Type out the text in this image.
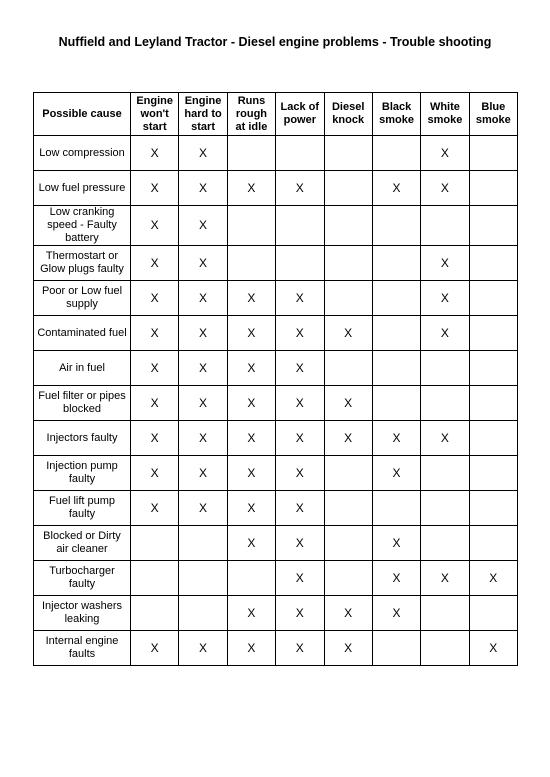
Nuffield and Leyland Tractor - Diesel engine problems - Trouble shooting
Possible cause	Engine won't start	Engine hard to start	Runs rough at idle	Lack of power	Diesel knock	Black smoke	White smoke	Blue smoke
Low compression	X	X					X	
Low fuel pressure	X	X	X	X		X	X	
Low cranking speed - Faulty battery	X	X						
Thermostart or Glow plugs faulty	X	X					X	
Poor or Low fuel supply	X	X	X	X			X	
Contaminated fuel	X	X	X	X	X		X	
Air in fuel	X	X	X	X				
Fuel filter or pipes blocked	X	X	X	X	X			
Injectors faulty	X	X	X	X	X	X	X	
Injection pump faulty	X	X	X	X		X		
Fuel lift pump faulty	X	X	X	X				
Blocked or Dirty air cleaner			X	X		X		
Turbocharger faulty				X		X	X	X
Injector washers leaking			X	X	X	X		
Internal engine faults	X	X	X	X	X			X
